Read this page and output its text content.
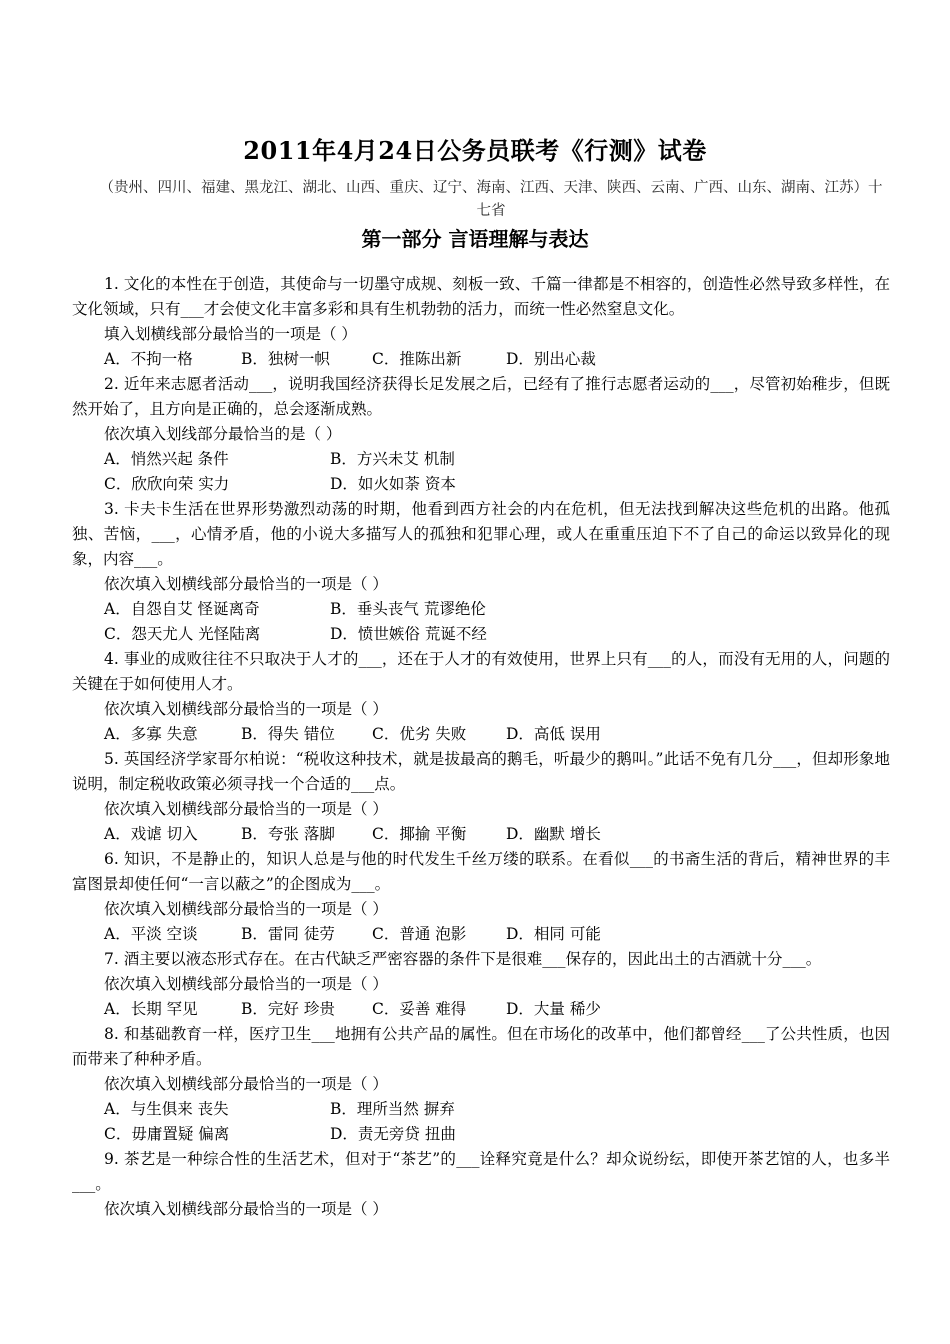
2011年4月24日公务员联考《行测》试卷
（贵州、四川、福建、黑龙江、湖北、山西、重庆、辽宁、海南、江西、天津、陕西、云南、广西、山东、湖南、江苏）十七省
第一部分 言语理解与表达

1. 文化的本性在于创造，其使命与一切墨守成规、刻板一致、千篇一律都是不相容的，创造性必然导致多样性，在文化领域，只有___才会使文化丰富多彩和具有生机勃勃的活力，而统一性必然窒息文化。

填入划横线部分最恰当的一项是（ ）

A．不拘一格	B．独树一帜	C．推陈出新	D．别出心裁

2. 近年来志愿者活动___，说明我国经济获得长足发展之后，已经有了推行志愿者运动的___，尽管初始稚步，但既然开始了，且方向是正确的，总会逐渐成熟。

依次填入划线部分最恰当的是（ ）

A．悄然兴起 条件	B．方兴未艾 机制
C．欣欣向荣 实力	D．如火如荼 资本

3. 卡夫卡生活在世界形势激烈动荡的时期，他看到西方社会的内在危机，但无法找到解决这些危机的出路。他孤独、苦恼，___，心情矛盾，他的小说大多描写人的孤独和犯罪心理，或人在重重压迫下不了自己的命运以致异化的现象，内容___。

依次填入划横线部分最恰当的一项是（ ）

A．自怨自艾 怪诞离奇	B．垂头丧气 荒谬绝伦
C．怨天尤人 光怪陆离	D．愤世嫉俗 荒诞不经

4. 事业的成败往往不只取决于人才的___，还在于人才的有效使用，世界上只有___的人，而没有无用的人，问题的关键在于如何使用人才。

依次填入划横线部分最恰当的一项是（ ）

A．多寡 失意	B．得失 错位	C．优劣 失败	D．高低 误用

5. 英国经济学家哥尔柏说：“税收这种技术，就是拔最高的鹅毛，听最少的鹅叫。”此话不免有几分___，但却形象地说明，制定税收政策必须寻找一个合适的___点。

依次填入划横线部分最恰当的一项是（ ）

A．戏谑 切入	B．夸张 落脚	C．揶揄 平衡	D．幽默 增长

6. 知识，不是静止的，知识人总是与他的时代发生千丝万缕的联系。在看似___的书斋生活的背后，精神世界的丰富图景却使任何“一言以蔽之”的企图成为___。

依次填入划横线部分最恰当的一项是（ ）

A．平淡 空谈	B．雷同 徒劳	C．普通 泡影	D．相同 可能

7. 酒主要以液态形式存在。在古代缺乏严密容器的条件下是很难___保存的，因此出土的古酒就十分___。

依次填入划横线部分最恰当的一项是（ ）

A．长期 罕见	B．完好 珍贵	C．妥善 难得	D．大量 稀少

8. 和基础教育一样，医疗卫生___地拥有公共产品的属性。但在市场化的改革中，他们都曾经___了公共性质，也因而带来了种种矛盾。

依次填入划横线部分最恰当的一项是（ ）

A．与生俱来 丧失	B．理所当然 摒弃
C．毋庸置疑 偏离	D．责无旁贷 扭曲

9. 茶艺是一种综合性的生活艺术，但对于“茶艺”的___诠释究竟是什么？却众说纷纭，即使开茶艺馆的人，也多半___。

依次填入划横线部分最恰当的一项是（ ）
